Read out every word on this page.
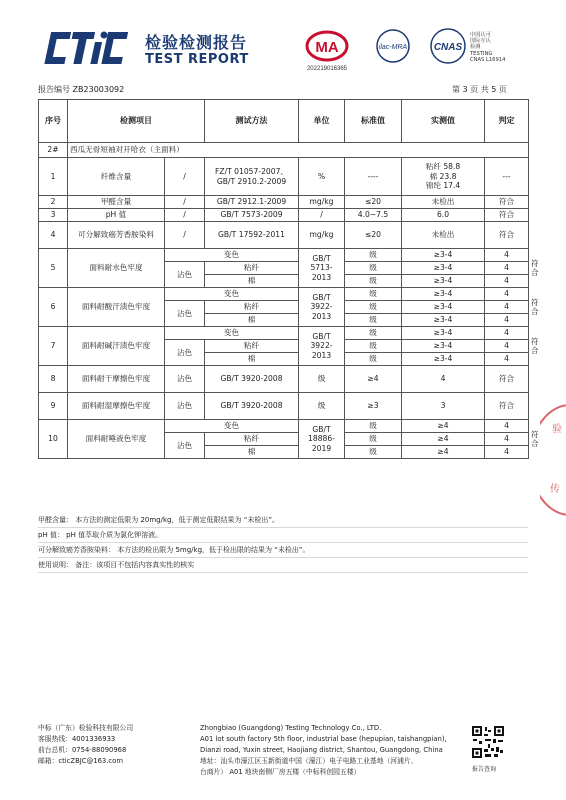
检验检测报告
TEST REPORT
MA
202219016365
ilac-MRA	CNAS
中国认可
国际互认
检测
TESTING
CNAS L16914
报告编号 ZB23003092	第 3 页 共 5 页
序号	检测项目		测试方法	单位	标准值	实测值	判定	
2#	西瓜无骨短袖对开哈衣（主面料）							
1	纤维含量	/	FZ/T 01057-2007、GB/T 2910.2-2009	%	----	粘纤 58.8
棉 23.8
锦纶 17.4	---	
2	甲醛含量	/	GB/T 2912.1-2009	mg/kg	≤20	未检出	符合	
3	pH 值	/	GB/T 7573-2009	/	4.0~7.5	6.0	符合	
4	可分解致癌芳香胺染料	/	GB/T 17592-2011	mg/kg	≤20	未检出	符合	
5	面料耐水色牢度	变色		GB/T 5713-2013	级	≥3-4	4	符合
		沾色	粘纤		级	≥3-4	4	
			棉		级	≥3-4	4	
6	面料耐酸汗渍色牢度	变色		GB/T 3922-2013	级	≥3-4	4	符合
		沾色	粘纤		级	≥3-4	4	
			棉		级	≥3-4	4	
7	面料耐碱汗渍色牢度	变色		GB/T 3922-2013	级	≥3-4	4	符合
		沾色	粘纤		级	≥3-4	4	
			棉		级	≥3-4	4	
8	面料耐干摩擦色牢度	沾色	GB/T 3920-2008	级	≥4	4	符合	
9	面料耐湿摩擦色牢度	沾色	GB/T 3920-2008	级	≥3	3	符合	
10	面料耐唾液色牢度	变色		GB/T 18886-2019	级	≥4	4	符合
		沾色	粘纤		级	≥4	4	
			棉		级	≥4	4	
甲醛含量： 本方法的测定低限为 20mg/kg，低于测定低限结果为 “未检出”。
pH 值： pH 值萃取介质为氯化钾溶液。
可分解致癌芳香胺染料： 本方法的检出限为 5mg/kg，低于检出限的结果为 “未检出”。
使用说明： 备注：该项目不包括内容真实性的核实
中标（广东）检验科技有限公司
客服热线：4001336933
前台总机：0754-88090968
邮箱：cticZBJC@163.com
Zhongbiao (Guangdong) Testing Technology Co., LTD.
A01 lot south factory 5th floor, industrial base (hepupian, taishangpian),
Dianzi road, Yuxin street, Haojiang district, Shantou, Guangdong, China
地址：汕头市濠江区玉新街道中国（濠江）电子电路工业基地（河浦片、
台商片） A01 地块南侧厂房五楼（中标科创园五楼）	报告查询
验
传
